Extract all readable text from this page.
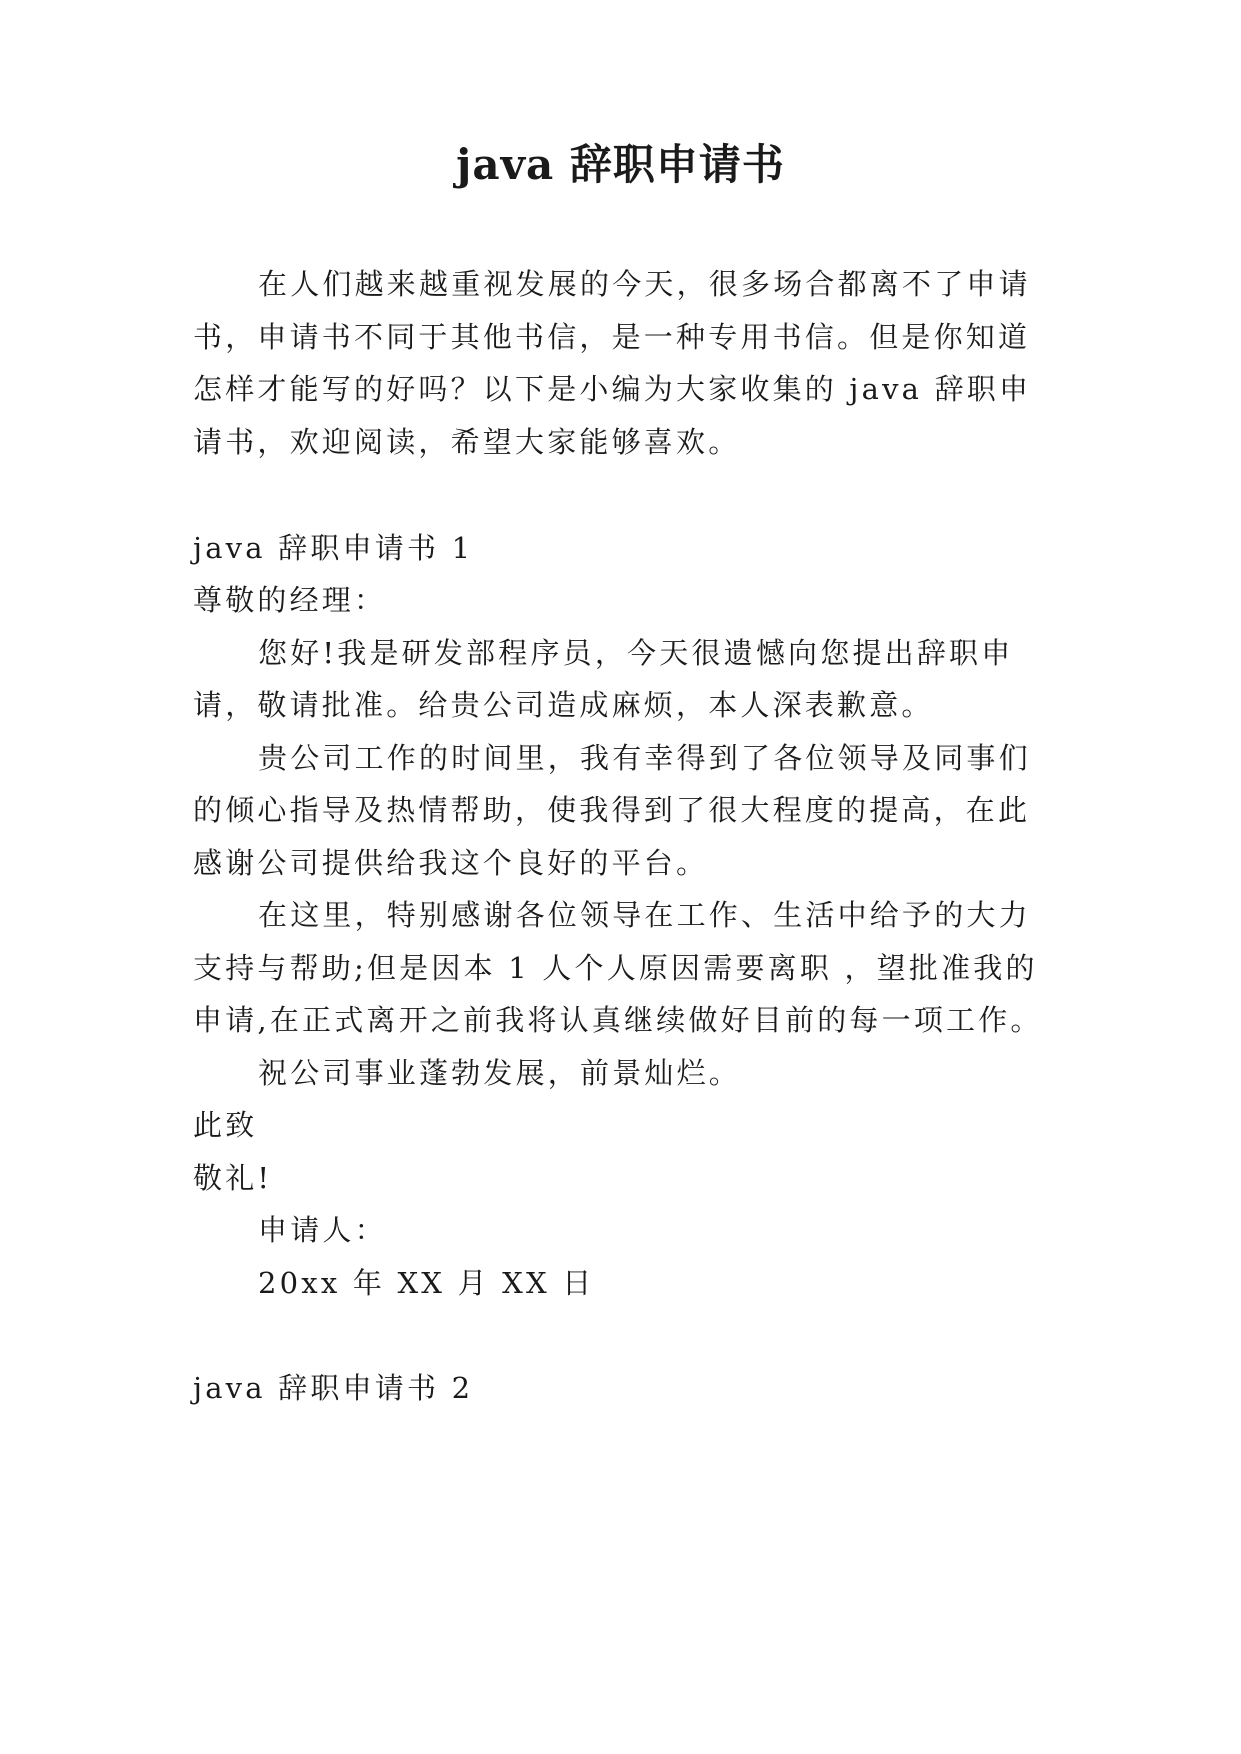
java 辞职申请书
在人们越来越重视发展的今天，很多场合都离不了申请
书，申请书不同于其他书信，是一种专用书信。但是你知道
怎样才能写的好吗？以下是小编为大家收集的 java 辞职申
请书，欢迎阅读，希望大家能够喜欢。
java 辞职申请书 1
尊敬的经理：
您好!我是研发部程序员，今天很遗憾向您提出辞职申
请，敬请批准。给贵公司造成麻烦，本人深表歉意。
贵公司工作的时间里，我有幸得到了各位领导及同事们
的倾心指导及热情帮助，使我得到了很大程度的提高，在此
感谢公司提供给我这个良好的平台。
在这里，特别感谢各位领导在工作、生活中给予的大力
支持与帮助;但是因本 1 人个人原因需要离职 ，望批准我的
申请,在正式离开之前我将认真继续做好目前的每一项工作。
祝公司事业蓬勃发展，前景灿烂。
此致
敬礼!
申请人：
20xx 年 XX 月 XX 日
java 辞职申请书 2
